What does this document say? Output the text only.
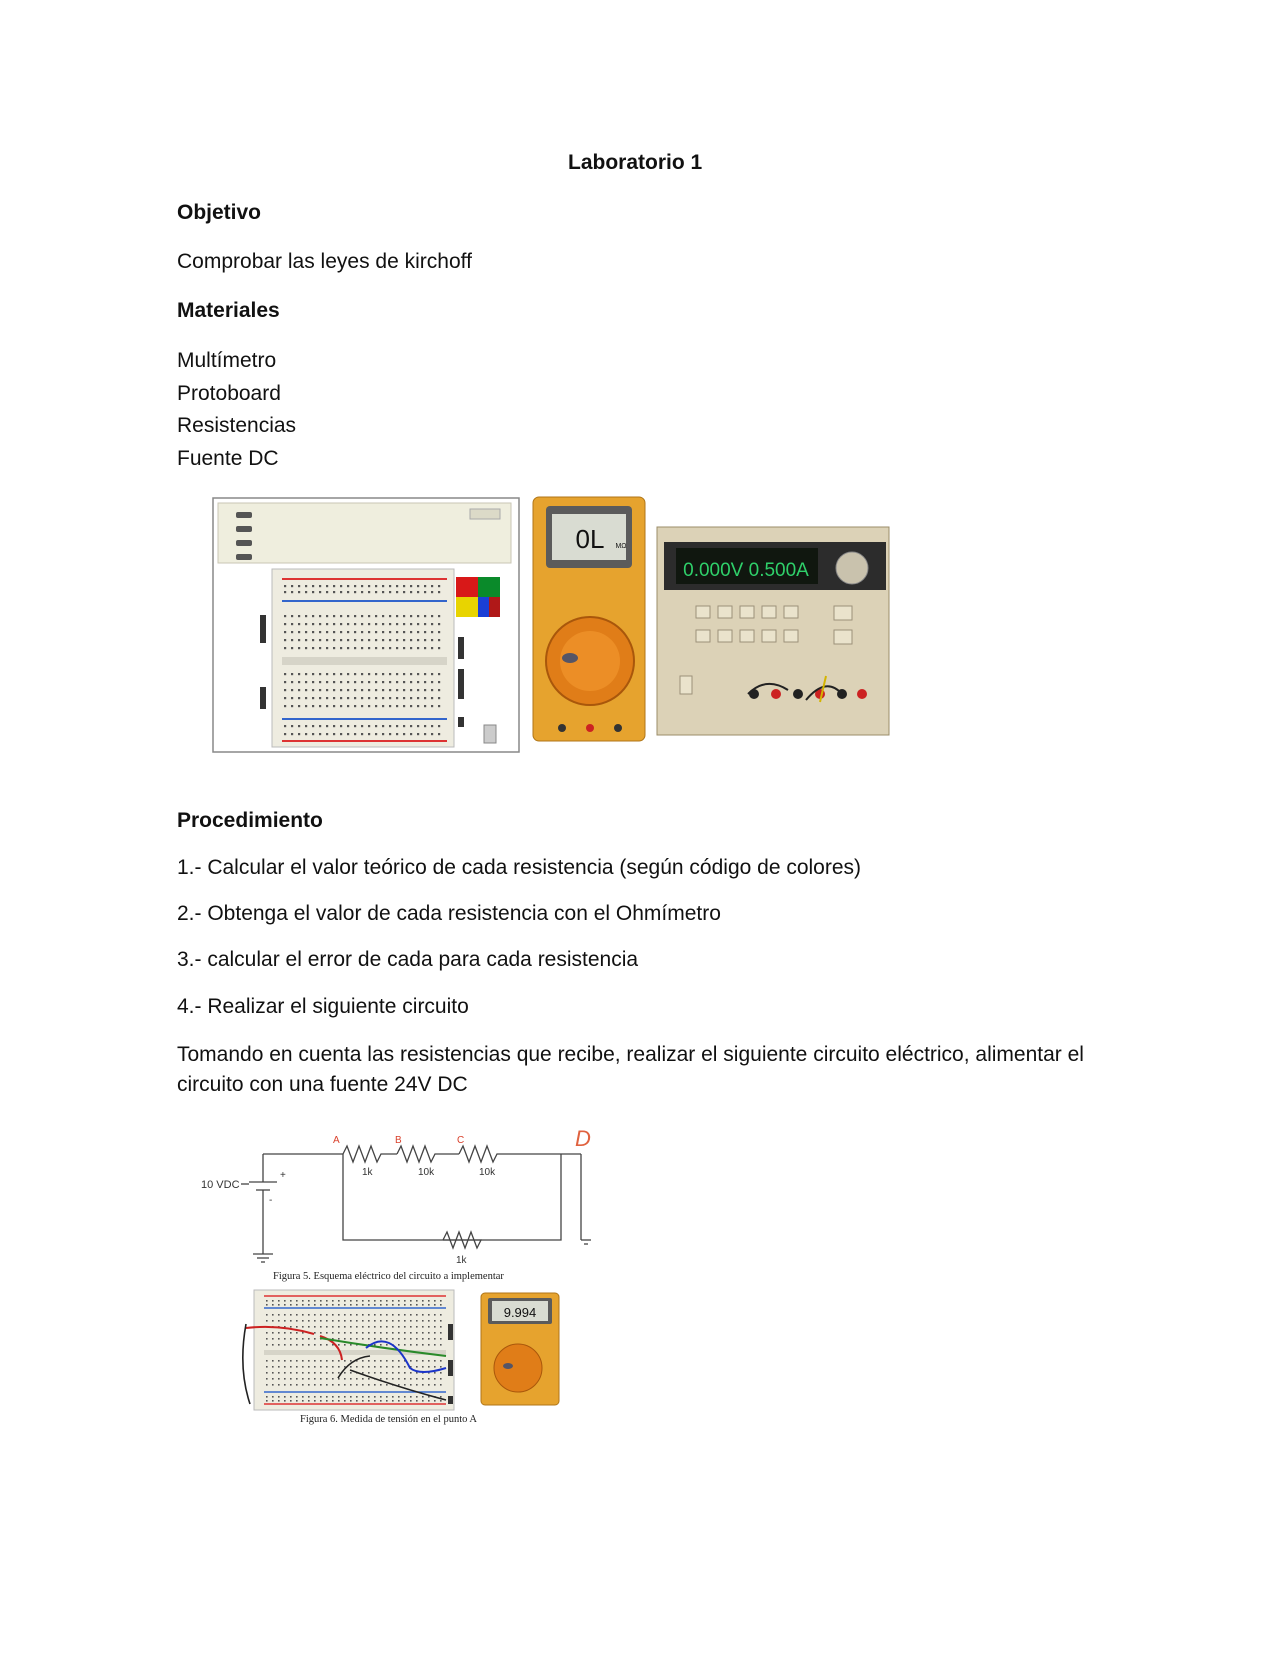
Laboratorio 1
Objetivo
Comprobar las leyes de kirchoff
Materiales
Multímetro
Protoboard
Resistencias
Fuente DC
0L MΩ
0.000V 0.500A
Procedimiento
1.- Calcular el valor teórico de cada resistencia (según código de colores)
2.- Obtenga el valor de cada resistencia con el Ohmímetro
3.- calcular el error de cada para cada resistencia
4.- Realizar el siguiente circuito
Tomando en cuenta las resistencias que recibe, realizar el siguiente circuito eléctrico, alimentar el circuito con una fuente 24V DC
+
-
10 VDC
A	B	C
1k	10k	10k
1k
D
Figura 5. Esquema eléctrico del circuito a implementar
9.994
Figura 6. Medida de tensión en el punto A
